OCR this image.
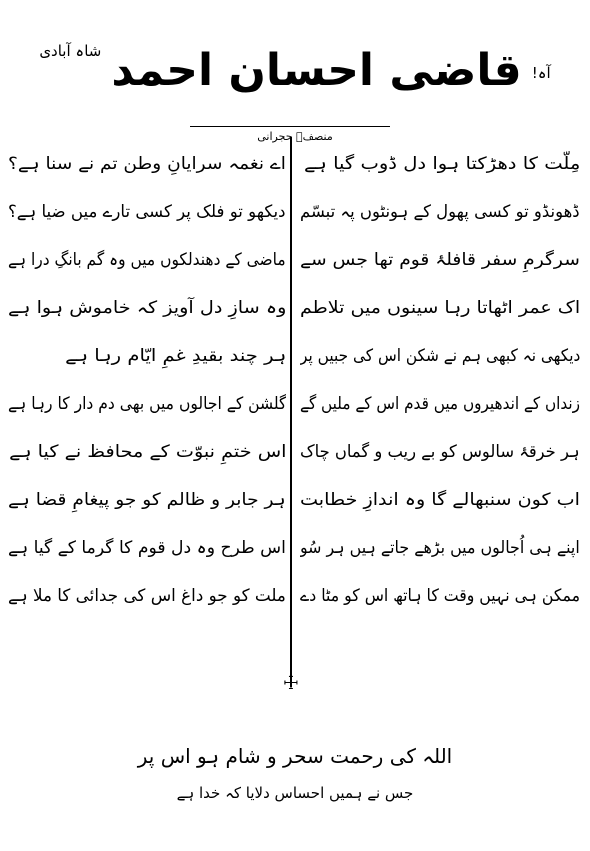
آہ!
قاضی احسان احمد
شاہ آبادی
منصفؔ حجرانی
☩
مِلّت کا دھڑکتا ہوا دل ڈوب گیا ہے
ڈھونڈو تو کسی پھول کے ہونٹوں پہ تبسّم
سرگرمِ سفر قافلۂ قوم تھا جس سے
اک عمر اٹھاتا رہا سینوں میں تلاطم
دیکھی نہ کبھی ہم نے شکن اس کی جبیں پر
زنداں کے اندھیروں میں قدم اس کے ملیں گے
ہر خرقۂ سالوس کو بے ریب و گماں چاک
اب کون سنبھالے گا وہ اندازِ خطابت
اپنے ہی اُجالوں میں بڑھے جاتے ہیں ہر سُو
ممکن ہی نہیں وقت کا ہاتھ اس کو مٹا دے
اے نغمہ سرایانِ وطن تم نے سنا ہے؟
دیکھو تو فلک پر کسی تارے میں ضیا ہے؟
ماضی کے دھندلکوں میں وہ گم بانگِ درا ہے
وہ سازِ دل آویز کہ خاموش ہوا ہے
ہر چند بقیدِ غمِ ایّام رہا ہے
گلشن کے اجالوں میں بھی دم دار کا رہا ہے
اس ختمِ نبوّت کے محافظ نے کیا ہے
ہر جابر و ظالم کو جو پیغامِ قضا ہے
اس طرح وہ دل قوم کا گرما کے گیا ہے
ملت کو جو داغ اس کی جدائی کا ملا ہے
اللہ کی رحمت سحر و شام ہو اس پر
جس نے ہمیں احساس دلایا کہ خدا ہے
